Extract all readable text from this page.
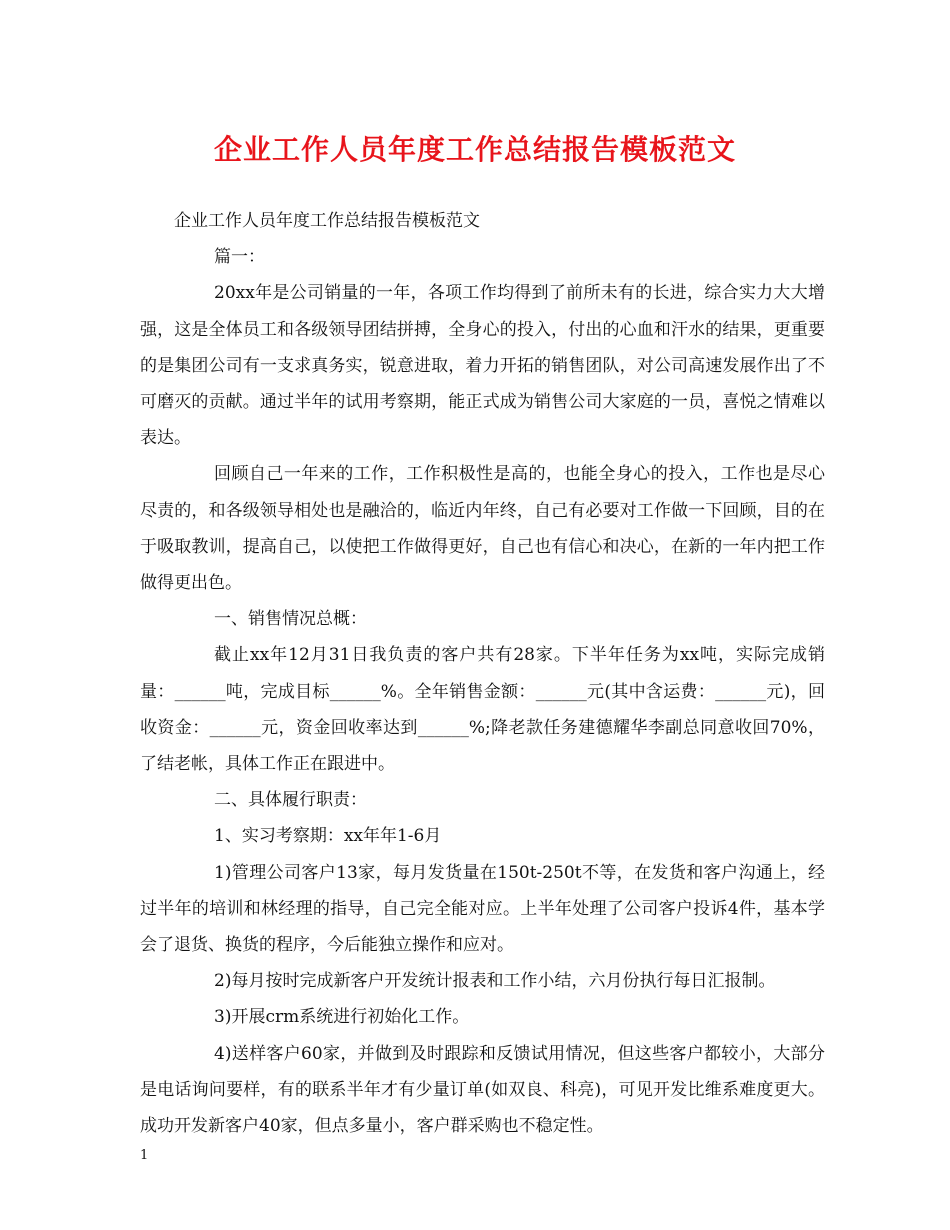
企业工作人员年度工作总结报告模板范文

企业工作人员年度工作总结报告模板范文

篇一：

20xx年是公司销量的一年，各项工作均得到了前所未有的长进，综合实力大大增强，这是全体员工和各级领导团结拼搏，全身心的投入，付出的心血和汗水的结果，更重要的是集团公司有一支求真务实，锐意进取，着力开拓的销售团队，对公司高速发展作出了不可磨灭的贡献。通过半年的试用考察期，能正式成为销售公司大家庭的一员，喜悦之情难以表达。

回顾自己一年来的工作，工作积极性是高的，也能全身心的投入，工作也是尽心尽责的，和各级领导相处也是融洽的，临近内年终，自己有必要对工作做一下回顾，目的在于吸取教训，提高自己，以使把工作做得更好，自己也有信心和决心，在新的一年内把工作做得更出色。

一、销售情况总概：

截止xx年12月31日我负责的客户共有28家。下半年任务为xx吨，实际完成销量：______吨，完成目标______%。全年销售金额：______元(其中含运费：______元)，回收资金：______元，资金回收率达到______%;降老款任务建德耀华李副总同意收回70%，了结老帐，具体工作正在跟进中。

二、具体履行职责：

1、实习考察期：xx年年1-6月

1)管理公司客户13家，每月发货量在150t-250t不等，在发货和客户沟通上，经过半年的培训和林经理的指导，自己完全能对应。上半年处理了公司客户投诉4件，基本学会了退货、换货的程序，今后能独立操作和应对。

2)每月按时完成新客户开发统计报表和工作小结，六月份执行每日汇报制。

3)开展crm系统进行初始化工作。

4)送样客户60家，并做到及时跟踪和反馈试用情况，但这些客户都较小，大部分是电话询问要样，有的联系半年才有少量订单(如双良、科亮)，可见开发比维系难度更大。成功开发新客户40家，但点多量小，客户群采购也不稳定性。

1
